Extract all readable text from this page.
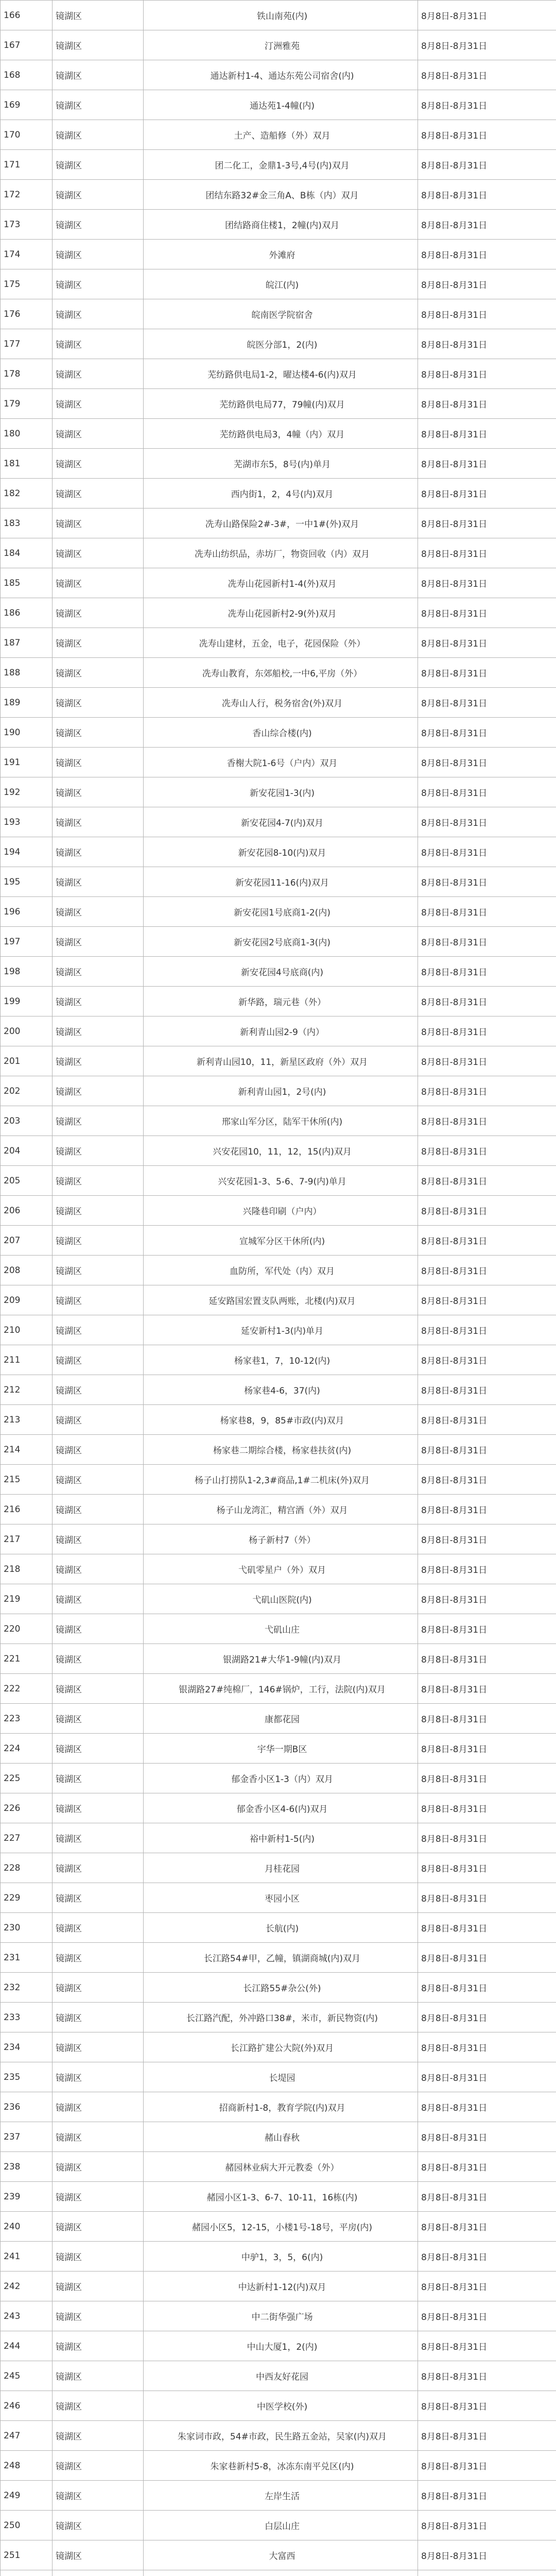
166	镜湖区	铁山南苑(内)	8月8日-8月31日
167	镜湖区	汀洲雅苑	8月8日-8月31日
168	镜湖区	通达新村1-4、通达东苑公司宿舍(内)	8月8日-8月31日
169	镜湖区	通达苑1-4幢(内)	8月8日-8月31日
170	镜湖区	土产、造船修（外）双月	8月8日-8月31日
171	镜湖区	团二化工，金鼎1-3号,4号(内)双月	8月8日-8月31日
172	镜湖区	团结东路32#金三角A、B栋（内）双月	8月8日-8月31日
173	镜湖区	团结路商住楼1，2幢(内)双月	8月8日-8月31日
174	镜湖区	外滩府	8月8日-8月31日
175	镜湖区	皖江(内)	8月8日-8月31日
176	镜湖区	皖南医学院宿舍	8月8日-8月31日
177	镜湖区	皖医分部1，2(内)	8月8日-8月31日
178	镜湖区	芜纺路供电局1-2，曜达楼4-6(内)双月	8月8日-8月31日
179	镜湖区	芜纺路供电局77，79幢(内)双月	8月8日-8月31日
180	镜湖区	芜纺路供电局3，4幢（内）双月	8月8日-8月31日
181	镜湖区	芜湖市东5，8号(内)单月	8月8日-8月31日
182	镜湖区	西内街1，2，4号(内)双月	8月8日-8月31日
183	镜湖区	冼寿山路保险2#-3#，一中1#(外)双月	8月8日-8月31日
184	镜湖区	冼寿山纺织品，赤坊厂，物资回收（内）双月	8月8日-8月31日
185	镜湖区	冼寿山花园新村1-4(外)双月	8月8日-8月31日
186	镜湖区	冼寿山花园新村2-9(外)双月	8月8日-8月31日
187	镜湖区	冼寿山建材，五金，电子，花园保险（外）	8月8日-8月31日
188	镜湖区	冼寿山教育，东郊船校,一中6,平房（外）	8月8日-8月31日
189	镜湖区	冼寿山人行，税务宿舍(外)双月	8月8日-8月31日
190	镜湖区	香山综合楼(内)	8月8日-8月31日
191	镜湖区	香榭大院1-6号（户内）双月	8月8日-8月31日
192	镜湖区	新安花园1-3(内)	8月8日-8月31日
193	镜湖区	新安花园4-7(内)双月	8月8日-8月31日
194	镜湖区	新安花园8-10(内)双月	8月8日-8月31日
195	镜湖区	新安花园11-16(内)双月	8月8日-8月31日
196	镜湖区	新安花园1号底商1-2(内)	8月8日-8月31日
197	镜湖区	新安花园2号底商1-3(内)	8月8日-8月31日
198	镜湖区	新安花园4号底商(内)	8月8日-8月31日
199	镜湖区	新华路，瑞元巷（外）	8月8日-8月31日
200	镜湖区	新利青山园2-9（内）	8月8日-8月31日
201	镜湖区	新利青山园10，11，新星区政府（外）双月	8月8日-8月31日
202	镜湖区	新利青山园1，2号(内)	8月8日-8月31日
203	镜湖区	邢家山军分区，陆军干休所(内)	8月8日-8月31日
204	镜湖区	兴安花园10，11，12，15(内)双月	8月8日-8月31日
205	镜湖区	兴安花园1-3、5-6、7-9(内)单月	8月8日-8月31日
206	镜湖区	兴隆巷印刷（户内）	8月8日-8月31日
207	镜湖区	宣城军分区干休所(内)	8月8日-8月31日
208	镜湖区	血防所，军代处（内）双月	8月8日-8月31日
209	镜湖区	延安路国宏置支队两账，北楼(内)双月	8月8日-8月31日
210	镜湖区	延安新村1-3(内)单月	8月8日-8月31日
211	镜湖区	杨家巷1，7，10-12(内)	8月8日-8月31日
212	镜湖区	杨家巷4-6，37(内)	8月8日-8月31日
213	镜湖区	杨家巷8，9，85#市政(内)双月	8月8日-8月31日
214	镜湖区	杨家巷二期综合楼，杨家巷扶贫(内)	8月8日-8月31日
215	镜湖区	杨子山打捞队1-2,3#商品,1#二机床(外)双月	8月8日-8月31日
216	镜湖区	杨子山龙湾汇，精宫酒（外）双月	8月8日-8月31日
217	镜湖区	杨子新村7（外）	8月8日-8月31日
218	镜湖区	弋矶零星户（外）双月	8月8日-8月31日
219	镜湖区	弋矶山医院(内)	8月8日-8月31日
220	镜湖区	弋矶山庄	8月8日-8月31日
221	镜湖区	银湖路21#大华1-9幢(内)双月	8月8日-8月31日
222	镜湖区	银湖路27#纯棉厂，146#锅炉，工行，法院(内)双月	8月8日-8月31日
223	镜湖区	康都花园	8月8日-8月31日
224	镜湖区	宇华一期B区	8月8日-8月31日
225	镜湖区	郁金香小区1-3（内）双月	8月8日-8月31日
226	镜湖区	郁金香小区4-6(内)双月	8月8日-8月31日
227	镜湖区	裕中新村1-5(内)	8月8日-8月31日
228	镜湖区	月桂花园	8月8日-8月31日
229	镜湖区	枣园小区	8月8日-8月31日
230	镜湖区	长航(内)	8月8日-8月31日
231	镜湖区	长江路54#甲，乙幢，镇湖商城(内)双月	8月8日-8月31日
232	镜湖区	长江路55#杂公(外)	8月8日-8月31日
233	镜湖区	长江路汽配，外冲路口38#，米市，新民物资(内)	8月8日-8月31日
234	镜湖区	长江路扩建公大院(外)双月	8月8日-8月31日
235	镜湖区	长堤园	8月8日-8月31日
236	镜湖区	招商新村1-8，教育学院(内)双月	8月8日-8月31日
237	镜湖区	赭山春秋	8月8日-8月31日
238	镜湖区	赭园林业病大开元教委（外）	8月8日-8月31日
239	镜湖区	赭园小区1-3、6-7、10-11，16栋(内)	8月8日-8月31日
240	镜湖区	赭园小区5，12-15，小楼1号-18号，平房(内)	8月8日-8月31日
241	镜湖区	中驴1，3，5，6(内)	8月8日-8月31日
242	镜湖区	中达新村1-12(内)双月	8月8日-8月31日
243	镜湖区	中二街华强广场	8月8日-8月31日
244	镜湖区	中山大厦1，2(内)	8月8日-8月31日
245	镜湖区	中西友好花园	8月8日-8月31日
246	镜湖区	中医学校(外)	8月8日-8月31日
247	镜湖区	朱家词市政，54#市政，民生路五金站，吴家(内)双月	8月8日-8月31日
248	镜湖区	朱家巷新村5-8，冰冻东南平兑区(内)	8月8日-8月31日
249	镜湖区	左岸生活	8月8日-8月31日
250	镜湖区	白层山庄	8月8日-8月31日
251	镜湖区	大富西	8月8日-8月31日
